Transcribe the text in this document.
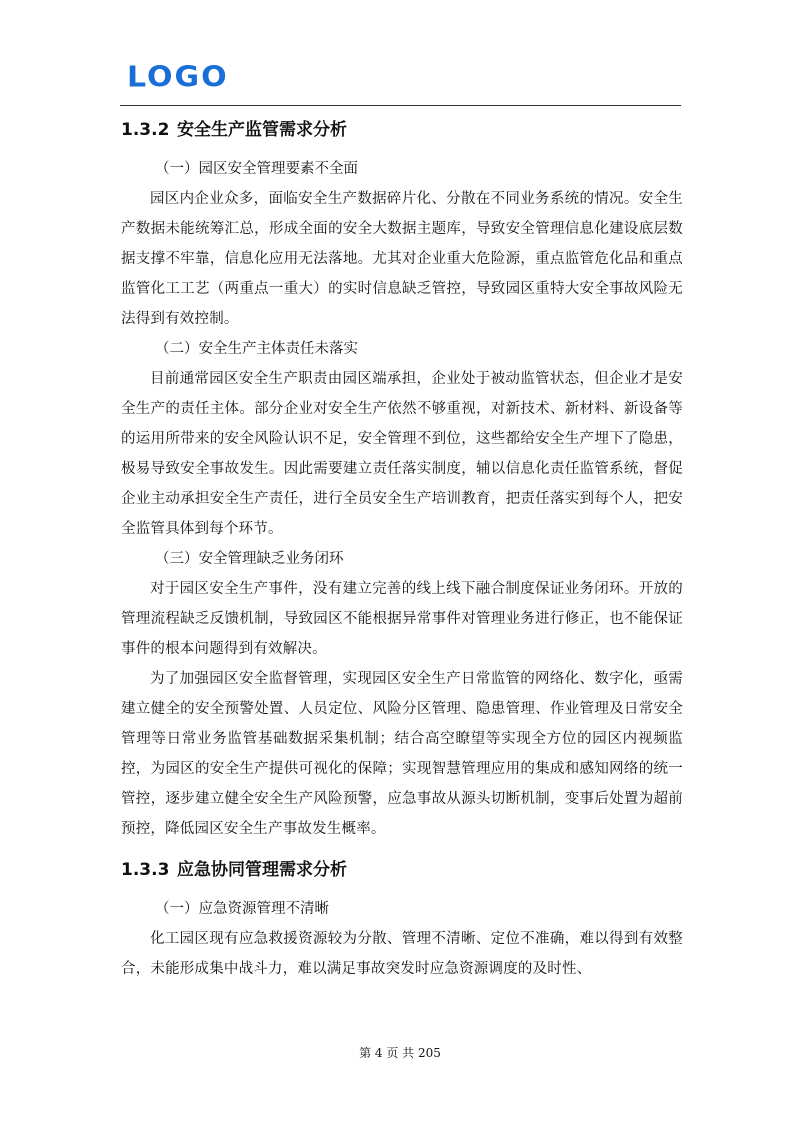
LOGO
1.3.2 安全生产监管需求分析
（一）园区安全管理要素不全面

园区内企业众多，面临安全生产数据碎片化、分散在不同业务系统的情况。安全生产数据未能统筹汇总，形成全面的安全大数据主题库，导致安全管理信息化建设底层数据支撑不牢靠，信息化应用无法落地。尤其对企业重大危险源，重点监管危化品和重点监管化工工艺（两重点一重大）的实时信息缺乏管控，导致园区重特大安全事故风险无法得到有效控制。

（二）安全生产主体责任未落实

目前通常园区安全生产职责由园区端承担，企业处于被动监管状态，但企业才是安全生产的责任主体。部分企业对安全生产依然不够重视，对新技术、新材料、新设备等的运用所带来的安全风险认识不足，安全管理不到位，这些都给安全生产埋下了隐患，极易导致安全事故发生。因此需要建立责任落实制度，辅以信息化责任监管系统，督促企业主动承担安全生产责任，进行全员安全生产培训教育，把责任落实到每个人，把安全监管具体到每个环节。

（三）安全管理缺乏业务闭环

对于园区安全生产事件，没有建立完善的线上线下融合制度保证业务闭环。开放的管理流程缺乏反馈机制，导致园区不能根据异常事件对管理业务进行修正，也不能保证事件的根本问题得到有效解决。

为了加强园区安全监督管理，实现园区安全生产日常监管的网络化、数字化，亟需建立健全的安全预警处置、人员定位、风险分区管理、隐患管理、作业管理及日常安全管理等日常业务监管基础数据采集机制；结合高空瞭望等实现全方位的园区内视频监控，为园区的安全生产提供可视化的保障；实现智慧管理应用的集成和感知网络的统一管控，逐步建立健全安全生产风险预警，应急事故从源头切断机制，变事后处置为超前预控，降低园区安全生产事故发生概率。

1.3.3 应急协同管理需求分析
（一）应急资源管理不清晰

化工园区现有应急救援资源较为分散、管理不清晰、定位不准确，难以得到有效整合，未能形成集中战斗力，难以满足事故突发时应急资源调度的及时性、

第 4 页 共 205
